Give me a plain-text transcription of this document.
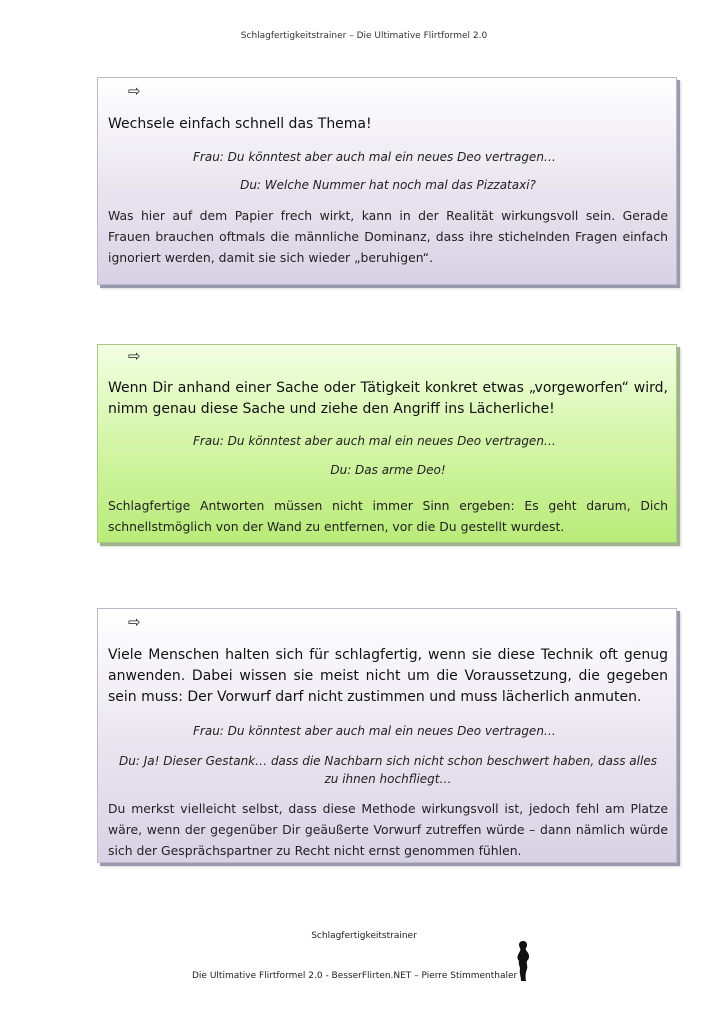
Schlagfertigkeitstrainer – Die Ultimative Flirtformel 2.0
⇨

Wechsele einfach schnell das Thema!

Frau: Du könntest aber auch mal ein neues Deo vertragen…

Du: Welche Nummer hat noch mal das Pizzataxi?

Was hier auf dem Papier frech wirkt, kann in der Realität wirkungsvoll sein. Gerade Frauen brauchen oftmals die männliche Dominanz, dass ihre stichelnden Fragen einfach ignoriert werden, damit sie sich wieder „beruhigen“.

⇨

Wenn Dir anhand einer Sache oder Tätigkeit konkret etwas „vorgeworfen“ wird, nimm genau diese Sache und ziehe den Angriff ins Lächerliche!

Frau: Du könntest aber auch mal ein neues Deo vertragen…

Du: Das arme Deo!

Schlagfertige Antworten müssen nicht immer Sinn ergeben: Es geht darum, Dich schnellstmöglich von der Wand zu entfernen, vor die Du gestellt wurdest.

⇨

Viele Menschen halten sich für schlagfertig, wenn sie diese Technik oft genug anwenden. Dabei wissen sie meist nicht um die Voraussetzung, die gegeben sein muss: Der Vorwurf darf nicht zustimmen und muss lächerlich anmuten.

Frau: Du könntest aber auch mal ein neues Deo vertragen…

Du: Ja! Dieser Gestank… dass die Nachbarn sich nicht schon beschwert haben, dass alles zu ihnen hochfliegt…

Du merkst vielleicht selbst, dass diese Methode wirkungsvoll ist, jedoch fehl am Platze wäre, wenn der gegenüber Dir geäußerte Vorwurf zutreffen würde – dann nämlich würde sich der Gesprächspartner zu Recht nicht ernst genommen fühlen.

Schlagfertigkeitstrainer
Die Ultimative Flirtformel 2.0 - BesserFlirten.NET – Pierre Stimmenthaler
